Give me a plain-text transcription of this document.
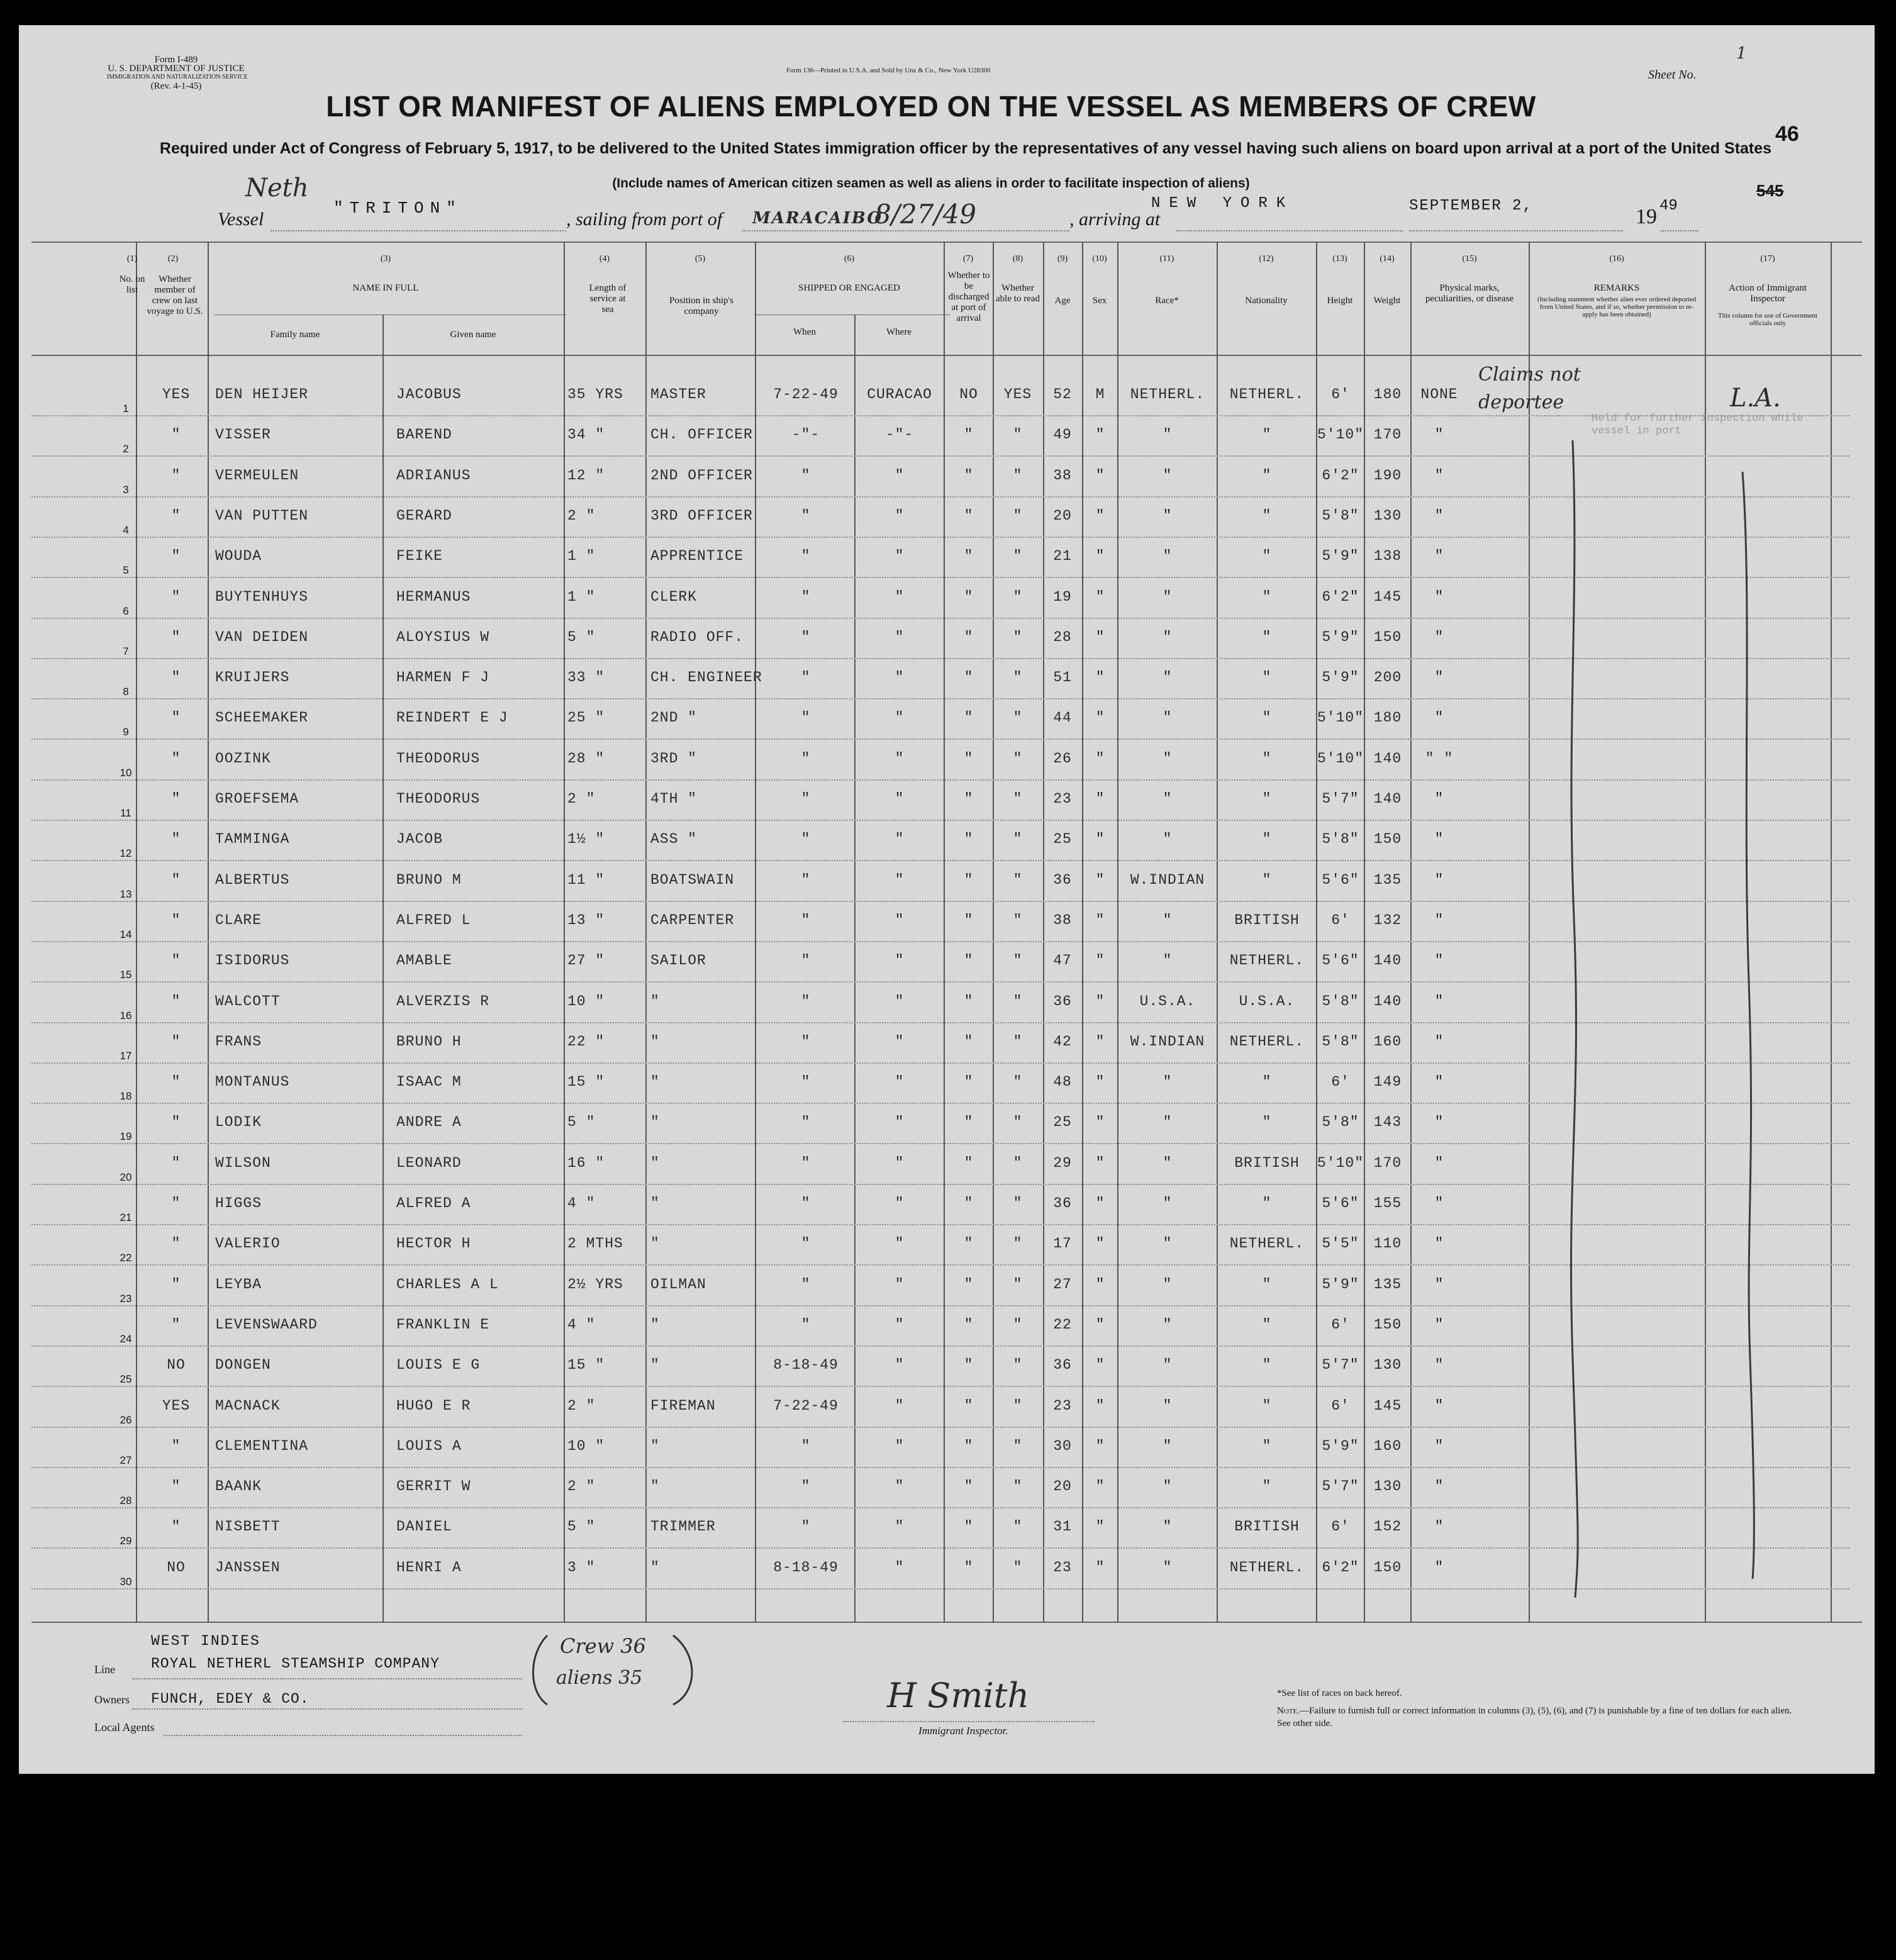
Form I-489
U. S. DEPARTMENT OF JUSTICE
IMMIGRATION AND NATURALIZATION SERVICE
(Rev. 4-1-45)
Form 136—Printed in U.S.A. and Sold by Unz & Co., New York U28300	Sheet No.
1
46
LIST OR MANIFEST OF ALIENS EMPLOYED ON THE VESSEL AS MEMBERS OF CREW
Required under Act of Congress of February 5, 1917, to be delivered to the United States immigration officer by the representatives of any vessel having such aliens on board upon arrival at a port of the United States
(Include names of American citizen seamen as well as aliens in order to facilitate inspection of aliens)
Neth
Vessel
"TRITON"
, sailing from port of MARACAIBO
8/27/49	, arriving at
NEW YORK	SEPTEMBER 2,	19 49
545
(1)
No. on list
(2)
Whether member of crew on last voyage to U.S.
(3)
NAME IN FULL
Family name	Given name
(4)
Length of service at sea
(5)
Position in ship's company
(6)
SHIPPED OR ENGAGED
When	Where
(7)
Whether to be discharged at port of arrival
(8)
Whether able to read
(9)
Age
(10)
Sex
(11)
Race*
(12)
Nationality
(13)
Height
(14)
Weight
(15)
Physical marks, peculiarities, or disease
(16)
REMARKS
(Including statement whether alien ever ordered deported from United States, and if so, whether permission to re-apply has been obtained)
(17)
Action of Immigrant Inspector
This column for use of Government officials only
1
YES	DEN HEIJER	JACOBUS	35 YRS	MASTER	7-22-49	CURACAO	NO	YES	52	M	NETHERL.	NETHERL.	6'	180	NONE
2
"	VISSER	BAREND	34 "	CH. OFFICER	-"-	-"-	"	"	49	"	"	"	5'10" 170	"
3
"	VERMEULEN	ADRIANUS	12 "	2ND OFFICER	"	"	"	"	38	"	"	"	6'2"	190	"
4
"	VAN PUTTEN	GERARD	2 "	3RD OFFICER	"	"	"	"	20	"	"	"	5'8"	130	"
5
"	WOUDA	FEIKE	1 "	APPRENTICE	"	"	"	"	21	"	"	"	5'9"	138	"
6
"	BUYTENHUYS	HERMANUS	1 "	CLERK	"	"	"	"	19	"	"	"	6'2"	145	"
7
"	VAN DEIDEN	ALOYSIUS W	5 "	RADIO OFF.	"	"	"	"	28	"	"	"	5'9"	150	"
8
"	KRUIJERS	HARMEN F J	33 "	CH. ENGINEER	"	"	"	"	51	"	"	"	5'9"	200	"
9
"	SCHEEMAKER	REINDERT E J	25 "	2ND "	"	"	"	"	44	"	"	"	5'10" 180	"
10
"	OOZINK	THEODORUS	28 "	3RD "	"	"	"	"	26	"	"	"	5'10" 140	" "
11
"	GROEFSEMA	THEODORUS	2 "	4TH "	"	"	"	"	23	"	"	"	5'7"	140	"
12
"	TAMMINGA	JACOB	1½ "	ASS "	"	"	"	"	25	"	"	"	5'8"	150	"
13
"	ALBERTUS	BRUNO M	11 "	BOATSWAIN	"	"	"	"	36	"	W.INDIAN	"	5'6"	135	"
14
"	CLARE	ALFRED L	13 "	CARPENTER	"	"	"	"	38	"	"	BRITISH	6'	132	"
15
"	ISIDORUS	AMABLE	27 "	SAILOR	"	"	"	"	47	"	"	NETHERL.	5'6"	140	"
16
"	WALCOTT	ALVERZIS R	10 "	"	"	"	"	"	36	"	U.S.A.	U.S.A.	5'8"	140	"
17
"	FRANS	BRUNO H	22 "	"	"	"	"	"	42	"	W.INDIAN	NETHERL.	5'8"	160	"
18
"	MONTANUS	ISAAC M	15 "	"	"	"	"	"	48	"	"	"	6'	149	"
19
"	LODIK	ANDRE A	5 "	"	"	"	"	"	25	"	"	"	5'8"	143	"
20
"	WILSON	LEONARD	16 "	"	"	"	"	"	29	"	"	BRITISH	5'10" 170	"
21
"	HIGGS	ALFRED A	4 "	"	"	"	"	"	36	"	"	"	5'6"	155	"
22
"	VALERIO	HECTOR H	2 MTHS	"	"	"	"	"	17	"	"	NETHERL.	5'5"	110	"
23
"	LEYBA	CHARLES A L	2½ YRS	OILMAN	"	"	"	"	27	"	"	"	5'9"	135	"
24
"	LEVENSWAARD	FRANKLIN E	4 "	"	"	"	"	"	22	"	"	"	6'	150	"
25
NO	DONGEN	LOUIS E G	15 "	"	8-18-49	"	"	"	36	"	"	"	5'7"	130	"
26
YES	MACNACK	HUGO E R	2 "	FIREMAN	7-22-49	"	"	"	23	"	"	"	6'	145	"
27
"	CLEMENTINA	LOUIS A	10 "	"	"	"	"	"	30	"	"	"	5'9"	160	"
28
"	BAANK	GERRIT W	2 "	"	"	"	"	"	20	"	"	"	5'7"	130	"
29
"	NISBETT	DANIEL	5 "	TRIMMER	"	"	"	"	31	"	"	BRITISH	6'	152	"
30
NO	JANSSEN	HENRI A	3 "	"	8-18-49	"	"	"	23	"	"	NETHERL.	6'2"	150	"
Claims not deportee	L.A.
Held for further inspection while vessel in port
WEST INDIES
Line ROYAL NETHERL STEAMSHIP COMPANY
Owners FUNCH, EDEY & CO.
Local Agents
Crew 36
aliens 35	H Smith
Immigrant Inspector.
*See list of races on back hereof.
Note.—Failure to furnish full or correct information in columns (3), (5), (6), and (7) is punishable by a fine of ten dollars for each alien. See other side.
